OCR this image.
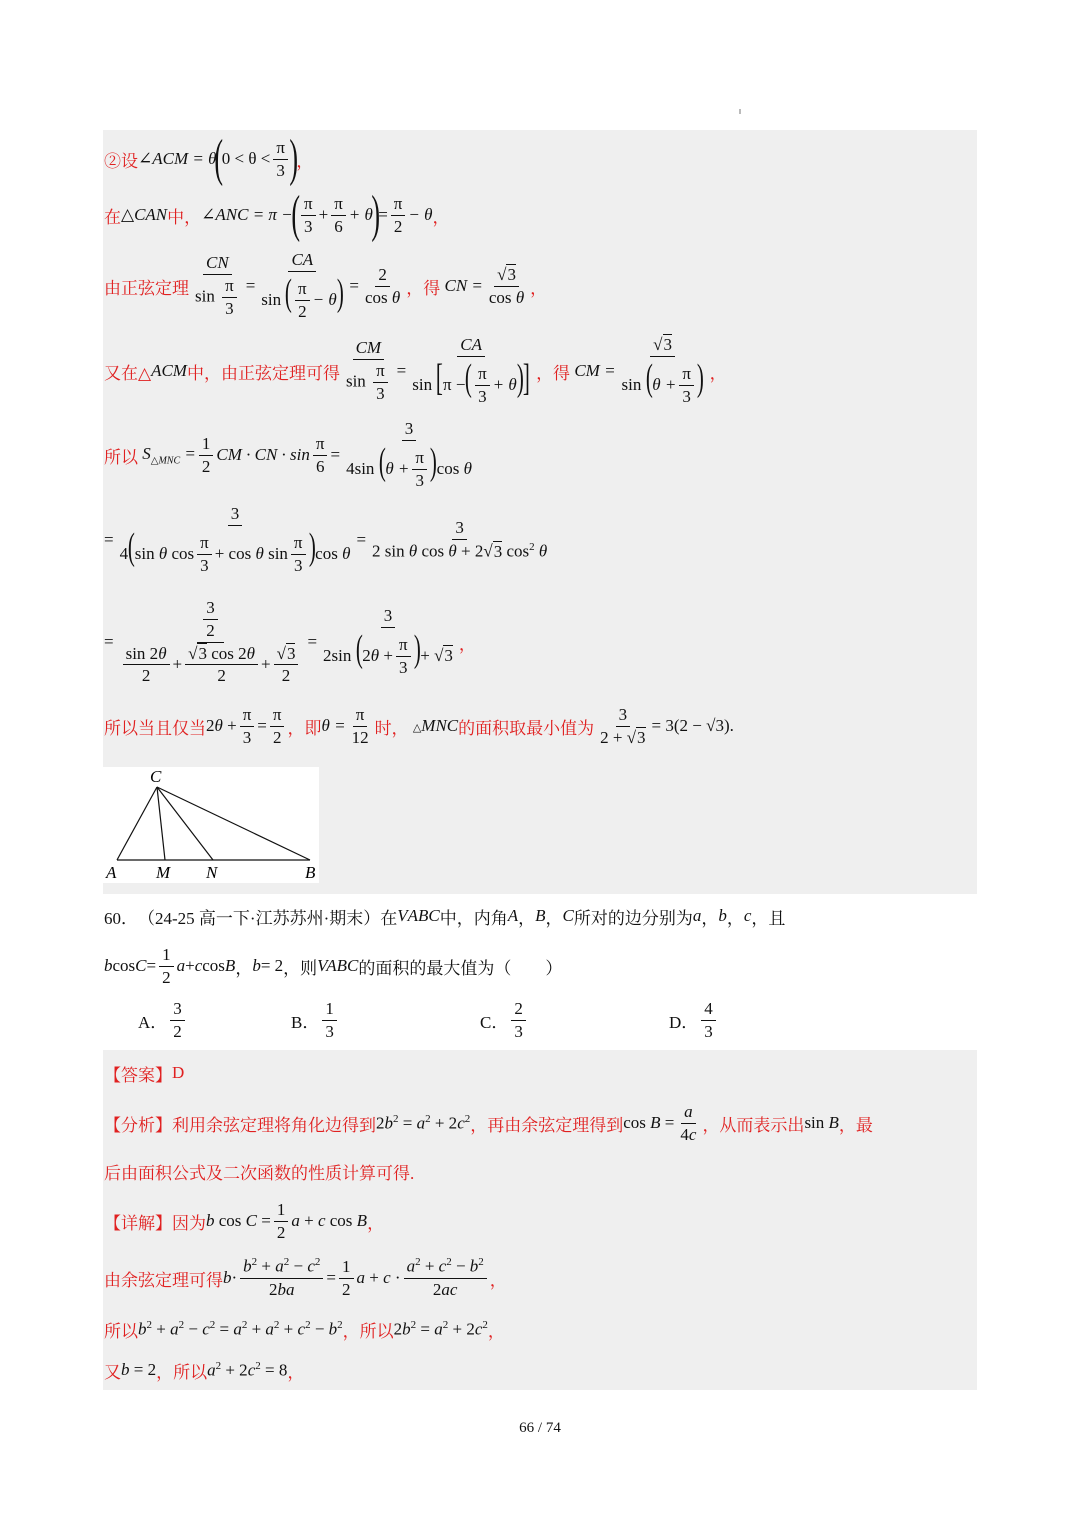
②设 ∠ACM = θ
(
$0 < \theta < \frac{\pi}{3}$ )
，
在 △CAN 中， ∠ANC = π −
( $\frac{\pi}{3} + \frac{\pi}{6} + \theta$
)
= $\frac{\pi}{2} - \theta$ ，
由正弦定理 $\frac{CN}{\sin \frac{\pi}{3}} = \frac{CA}{\sin ( \frac{\pi}{2} - \theta)} = \frac{2}{\text{cos θ}}$ ，得 CN = $\frac{√3}{\text{cos θ}}$ ，
又在△ ACM 中，由正弦定理可得 $\frac{CM}{\sin \frac{\pi}{3}} = \frac{CA}{\sin [\pi -( \frac{\pi}{3} + \theta)]}$ ，得 CM = $\frac{√3}{\sin (\theta + \frac{\pi}{3} )}$ ，
所以 $S_{\triangle MNC} = \frac{1}{2}$ CM · CN · $\sin \frac{\pi}{6} = \frac{3}{4\sin (\theta + \frac{\pi}{3} )\cos \theta}$
= $\frac{3}{4(\sin \theta \cos \frac{\pi}{3} + \cos \theta \sin \frac{\pi}{3} )\cos \theta} = \frac{3}{2 \sin \theta \cos \theta + 2√3 \cos^2 \theta}$
= $\frac{\frac{3}{2}}{\frac{\sin 2\theta}{2} + \frac{√3 \cos 2\theta}{2} + \frac{√3}{2}} = \frac{3}{2\sin (2\theta + \frac{\pi}{3} )+ √3}$ ，
所以当且仅当 $2\theta + \frac{\pi}{3} = \frac{\pi}{2}$ ，即 $\theta = \frac{\pi}{12}$ 时， △MNC 的面积取最小值为 $\frac{3}{2 + √3} = 3(2 - √3)$.
C
A M N	B
60． （24-25 高一下·江苏苏州·期末）在 V ABC 中，内角 A ， B ， C 所对的边分别为 a ， b ， c ，且
b $\cos C = \frac{1}{2}$ a + c cos B ， b = 2 ，则 VABC 的面积的最大值为（　　）
A． $\frac{3}{2}$	B． $\frac{1}{3}$	C． $\frac{2}{3}$	D． $\frac{4}{3}$
【答案】 D
【分析】 利用余弦定理将角化边得到 $2b^2 = a^2 + 2c^2$ ，再由余弦定理得到 $\cos B = \frac{a}{4c}$ ，从而表示出 sin B ，最
后由面积公式及二次函数的性质计算可得.
【详解】 因为 b $\cos C = \frac{1}{2}$ a + c cos B ，
由余弦定理可得 $b \cdot \frac{b^2 + a^2 - c^2}{2ba} = \frac{1}{2}$ $a + c \cdot \frac{a^2 + c^2 - b^2}{2ac}$ ，
所以 $b^2 + a^2 - c^2 = a^2 + a^2 + c^2 - b^2$ ，所以 $2b^2 = a^2 + 2c^2$ ，
又 b = 2 ，所以 $a^2 + 2c^2 = 8$ ，
66 / 74
